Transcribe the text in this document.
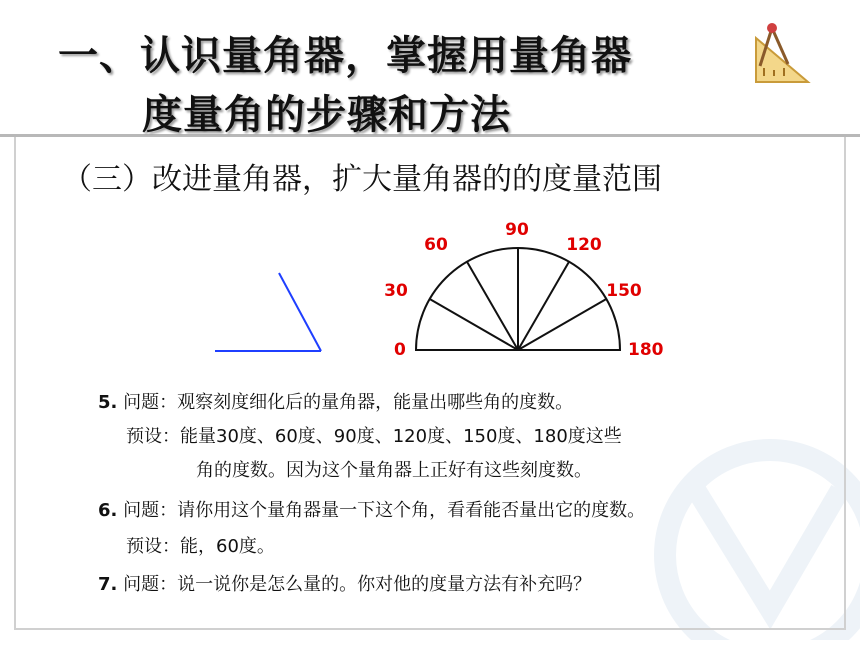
一、认识量角器，掌握用量角器
度量角的步骤和方法
（三）改进量角器，扩大量角器的的度量范围
0
30
60
90
120
150
180
5. 问题：观察刻度细化后的量角器，能量出哪些角的度数。
预设：能量30度、60度、90度、120度、150度、180度这些
角的度数。因为这个量角器上正好有这些刻度数。
6. 问题：请你用这个量角器量一下这个角，看看能否量出它的度数。
预设：能，60度。
7. 问题：说一说你是怎么量的。你对他的度量方法有补充吗？
